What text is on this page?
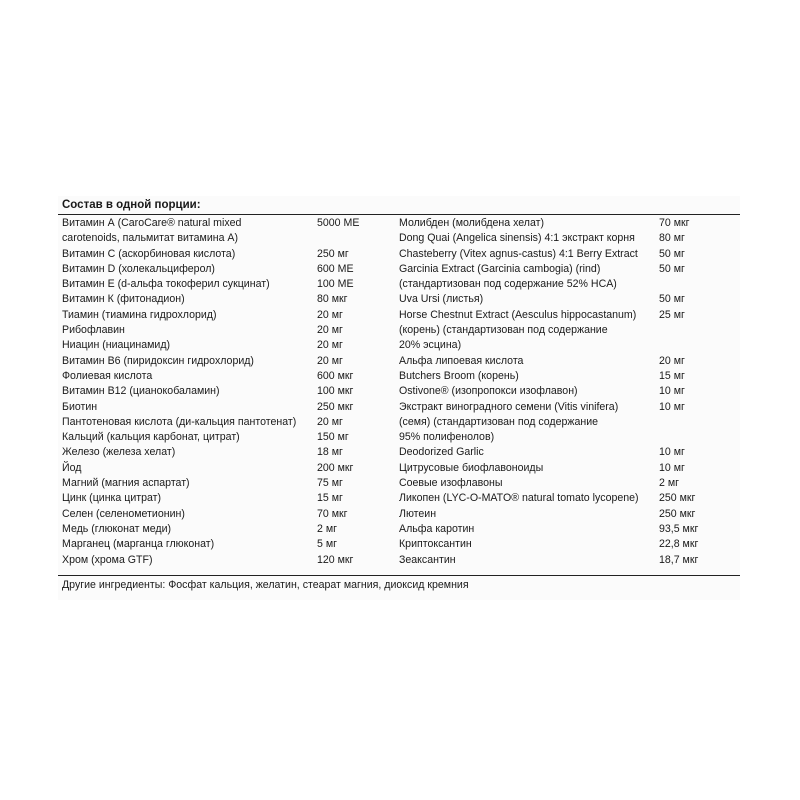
Состав в одной порции:
Витамин А (CaroCare® natural mixed	5000 МЕ
carotenoids, пальмитат витамина А)
Витамин С (аскорбиновая кислота)	250 мг
Витамин D (холекальциферол)	600 МЕ
Витамин Е (d-альфа токоферил сукцинат)	100 МЕ
Витамин К (фитонадион)	80 мкг
Тиамин (тиамина гидрохлорид)	20 мг
Рибофлавин	20 мг
Ниацин (ниацинамид)	20 мг
Витамин В6 (пиридоксин гидрохлорид)	20 мг
Фолиевая кислота	600 мкг
Витамин В12 (цианокобаламин)	100 мкг
Биотин	250 мкг
Пантотеновая кислота (ди-кальция пантотенат) 20 мг
Кальций (кальция карбонат, цитрат)	150 мг
Железо (железа хелат)	18 мг
Йод	200 мкг
Магний (магния аспартат)	75 мг
Цинк (цинка цитрат)	15 мг
Селен (селенометионин)	70 мкг
Медь (глюконат меди)	2 мг
Марганец (марганца глюконат)	5 мг
Хром (хрома GTF)	120 мкг
Молибден (молибдена хелат)	70 мкг
Dong Quai (Angelica sinensis) 4:1 экстракт корня 80 мг
Chasteberry (Vitex agnus-castus) 4:1 Berry Extract 50 мг
Garcinia Extract (Garcinia cambogia) (rind)	50 мг
(стандартизован под содержание 52% HCA)
Uva Ursi (листья)	50 мг
Horse Chestnut Extract (Aesculus hippocastanum) 25 мг
(корень) (стандартизован под содержание
20% эсцина)
Альфа липоевая кислота	20 мг
Butchers Broom (корень)	15 мг
Ostivone® (изопропокси изофлавон)	10 мг
Экстракт виноградного семени (Vitis vinifera)	10 мг
(семя) (стандартизован под содержание
95% полифенолов)
Deodorized Garlic	10 мг
Цитрусовые биофлавоноиды	10 мг
Соевые изофлавоны	2 мг
Ликопен (LYC-O-MATO® natural tomato lycopene) 250 мкг
Лютеин	250 мкг
Альфа каротин	93,5 мкг
Криптоксантин	22,8 мкг
Зеаксантин	18,7 мкг
Другие ингредиенты: Фосфат кальция, желатин, стеарат магния, диоксид кремния
